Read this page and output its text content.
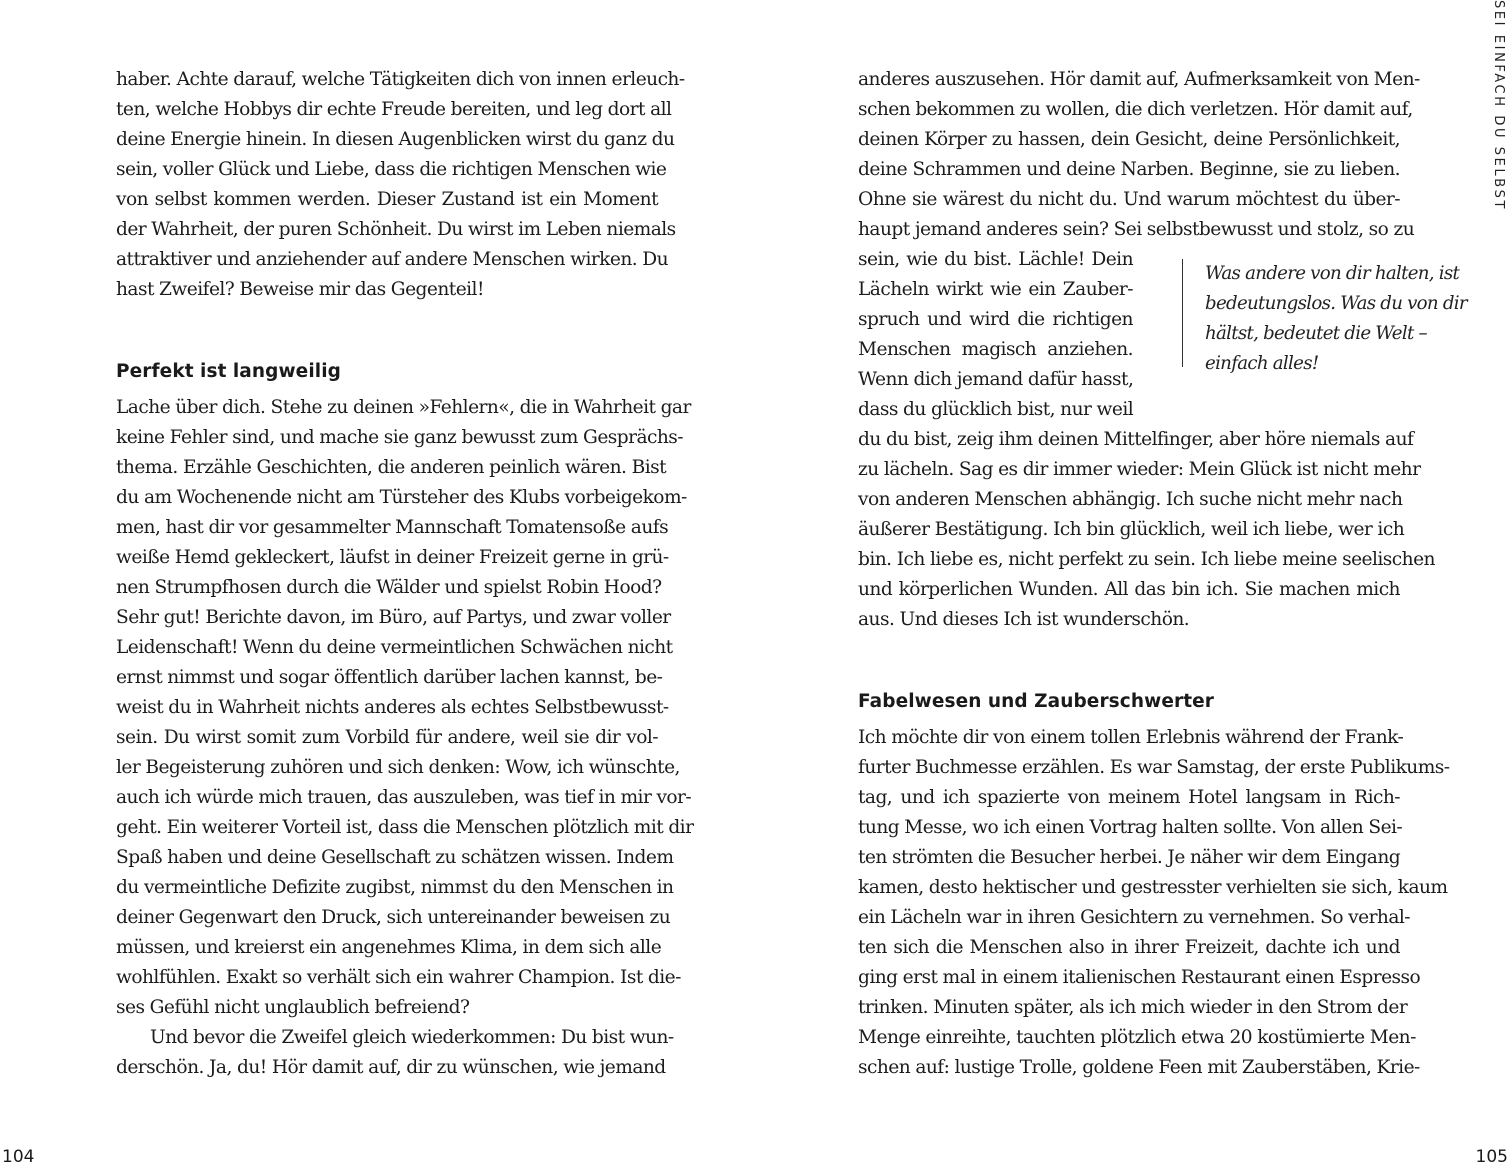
haber. Achte darauf, welche Tätigkeiten dich von innen erleuch-

ten, welche Hobbys dir echte Freude bereiten, und leg dort all

deine Energie hinein. In diesen Augenblicken wirst du ganz du

sein, voller Glück und Liebe, dass die richtigen Menschen wie

von selbst kommen werden. Dieser Zustand ist ein Moment

der Wahrheit, der puren Schönheit. Du wirst im Leben niemals

attraktiver und anziehender auf andere Menschen wirken. Du

hast Zweifel? Beweise mir das Gegenteil!

Perfekt ist langweilig

Lache über dich. Stehe zu deinen »Fehlern«, die in Wahrheit gar

keine Fehler sind, und mache sie ganz bewusst zum Gesprächs-

thema. Erzähle Geschichten, die anderen peinlich wären. Bist

du am Wochenende nicht am Türsteher des Klubs vorbeigekom-

men, hast dir vor gesammelter Mannschaft Tomatensoße aufs

weiße Hemd gekleckert, läufst in deiner Freizeit gerne in grü-

nen Strumpfhosen durch die Wälder und spielst Robin Hood?

Sehr gut! Berichte davon, im Büro, auf Partys, und zwar voller

Leidenschaft! Wenn du deine vermeintlichen Schwächen nicht

ernst nimmst und sogar öffentlich darüber lachen kannst, be-

weist du in Wahrheit nichts anderes als echtes Selbstbewusst-

sein. Du wirst somit zum Vorbild für andere, weil sie dir vol-

ler Begeisterung zuhören und sich denken: Wow, ich wünschte,

auch ich würde mich trauen, das auszuleben, was tief in mir vor-

geht. Ein weiterer Vorteil ist, dass die Menschen plötzlich mit dir

Spaß haben und deine Gesellschaft zu schätzen wissen. Indem

du vermeintliche Defizite zugibst, nimmst du den Menschen in

deiner Gegenwart den Druck, sich untereinander beweisen zu

müssen, und kreierst ein angenehmes Klima, in dem sich alle

wohlfühlen. Exakt so verhält sich ein wahrer Champion. Ist die-

ses Gefühl nicht unglaublich befreiend?

Und bevor die Zweifel gleich wiederkommen: Du bist wun-

derschön. Ja, du! Hör damit auf, dir zu wünschen, wie jemand

104

anderes auszusehen. Hör damit auf, Aufmerksamkeit von Men-

schen bekommen zu wollen, die dich verletzen. Hör damit auf,

deinen Körper zu hassen, dein Gesicht, deine Persönlichkeit,

deine Schrammen und deine Narben. Beginne, sie zu lieben.

Ohne sie wärest du nicht du. Und warum möchtest du über-

haupt jemand anderes sein? Sei selbstbewusst und stolz, so zu

sein, wie du bist. Lächle! Dein

Lächeln wirkt wie ein Zauber-

spruch und wird die richtigen

Menschen magisch anziehen.

Wenn dich jemand dafür hasst,

dass du glücklich bist, nur weil

Was andere von dir halten, ist
bedeutungslos. Was du von dir
hältst, bedeutet die Welt –
einfach alles!

du du bist, zeig ihm deinen Mittelfinger, aber höre niemals auf

zu lächeln. Sag es dir immer wieder: Mein Glück ist nicht mehr

von anderen Menschen abhängig. Ich suche nicht mehr nach

äußerer Bestätigung. Ich bin glücklich, weil ich liebe, wer ich

bin. Ich liebe es, nicht perfekt zu sein. Ich liebe meine seelischen

und körperlichen Wunden. All das bin ich. Sie machen mich

aus. Und dieses Ich ist wunderschön.

Fabelwesen und Zauberschwerter

Ich möchte dir von einem tollen Erlebnis während der Frank-

furter Buchmesse erzählen. Es war Samstag, der erste Publikums-

tag, und ich spazierte von meinem Hotel langsam in Rich-

tung Messe, wo ich einen Vortrag halten sollte. Von allen Sei-

ten strömten die Besucher herbei. Je näher wir dem Eingang

kamen, desto hektischer und gestresster verhielten sie sich, kaum

ein Lächeln war in ihren Gesichtern zu vernehmen. So verhal-

ten sich die Menschen also in ihrer Freizeit, dachte ich und

ging erst mal in einem italienischen Restaurant einen Espresso

trinken. Minuten später, als ich mich wieder in den Strom der

Menge einreihte, tauchten plötzlich etwa 20 kostümierte Men-

schen auf: lustige Trolle, goldene Feen mit Zauberstäben, Krie-

SEI EINFACH DU SELBST
105
